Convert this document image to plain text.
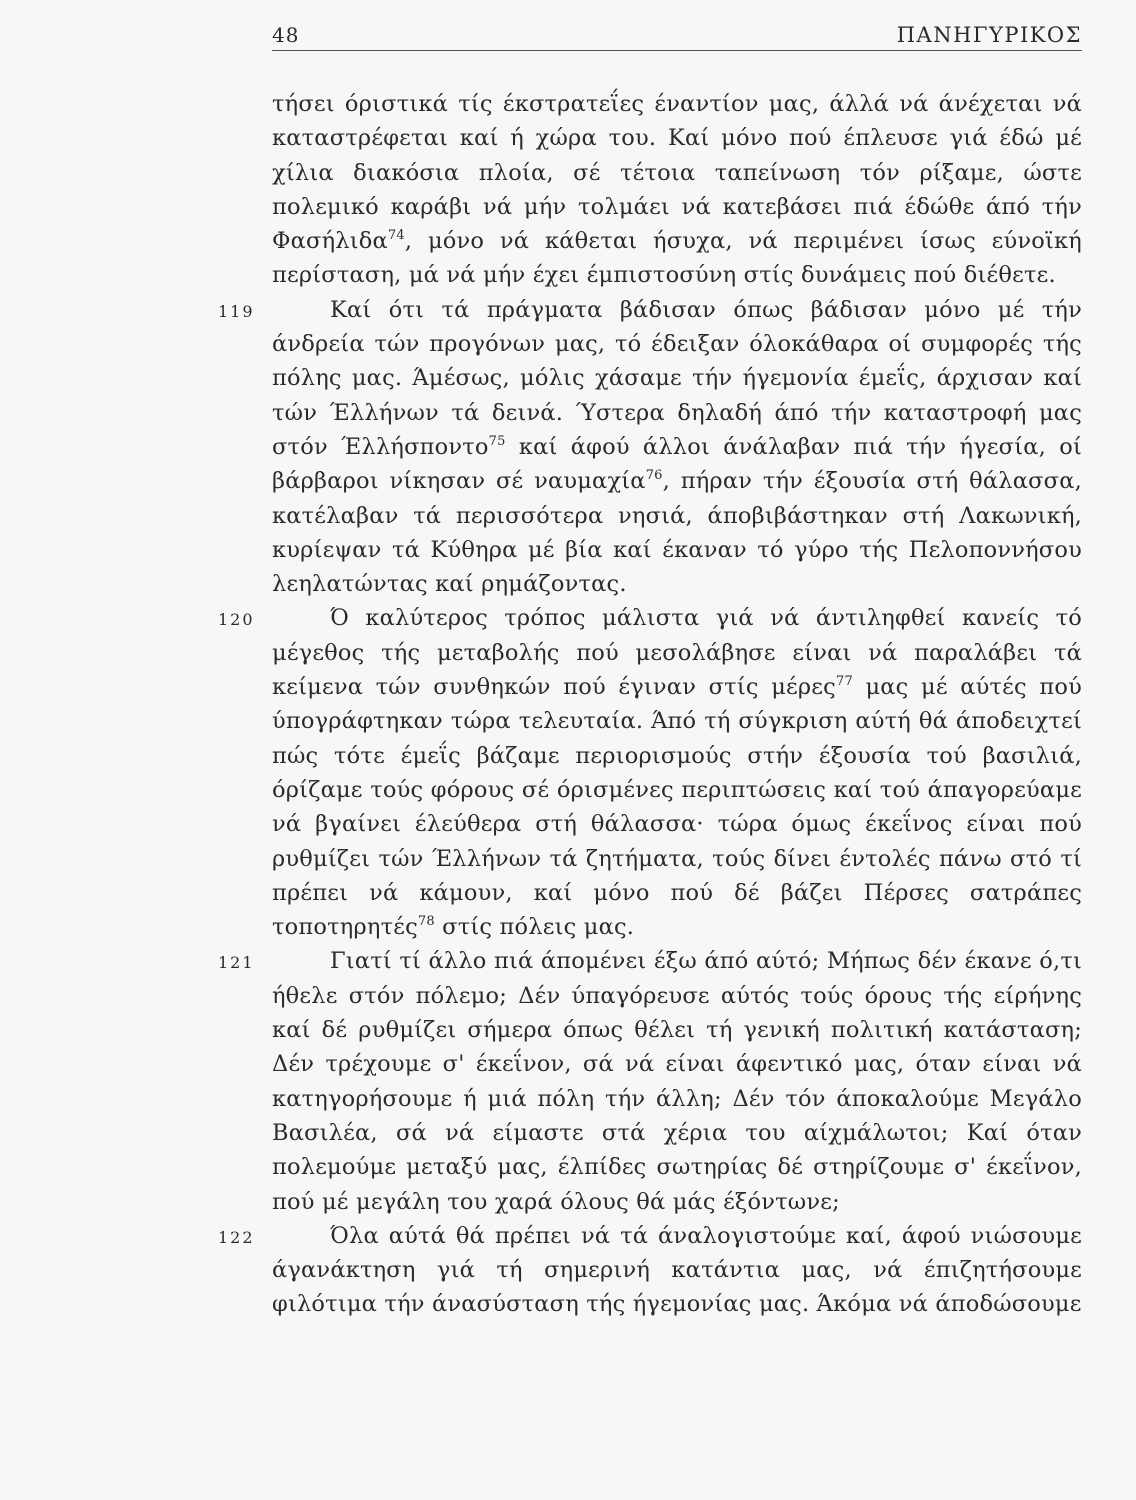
48	ΠΑΝΗΓΥΡΙΚΟΣ

τήσει όριστικά τίς έκστρατεΐες έναντίον μας, άλλά νά άνέχεται νά καταστρέφεται καί ή χώρα του. Καί μόνο πού έπλευσε γιά έδώ μέ χίλια διακόσια πλοία, σέ τέτοια ταπείνωση τόν ρίξαμε, ώστε πολεμικό καράβι νά μήν τολμάει νά κατεβάσει πιά έδώθε άπό τήν Φασήλιδα$^{74}$, μόνο νά κάθεται ήσυχα, νά περιμένει ίσως εύνοϊκή περίσταση, μά νά μήν έχει έμπιστοσύνη στίς δυνάμεις πού διέθετε.

119	Καί ότι τά πράγματα βάδισαν όπως βάδισαν μόνο μέ τήν άνδρεία τών προγόνων μας, τό έδειξαν όλοκάθαρα οί συμφορές τής πόλης μας. Άμέσως, μόλις χάσαμε τήν ήγεμονία έμεΐς, άρχισαν καί τών Έλλήνων τά δεινά. Ύστερα δηλαδή άπό τήν καταστροφή μας στόν Έλλήσποντο$^{75}$ καί άφού άλλοι άνάλαβαν πιά τήν ήγεσία, οί βάρβαροι νίκησαν σέ ναυμαχία$^{76}$, πήραν τήν έξουσία στή θάλασσα, κατέλαβαν τά περισσότερα νησιά, άποβιβάστηκαν στή Λακωνική, κυρίεψαν τά Κύθηρα μέ βία καί έκαναν τό γύρο τής Πελοποννήσου λεηλατώντας καί ρημάζοντας.

120	Ό καλύτερος τρόπος μάλιστα γιά νά άντιληφθεί κανείς τό μέγεθος τής μεταβολής πού μεσολάβησε είναι νά παραλάβει τά κείμενα τών συνθηκών πού έγιναν στίς μέρες$^{77}$ μας μέ αύτές πού ύπογράφτηκαν τώρα τελευταία. Άπό τή σύγκριση αύτή θά άποδειχτεί πώς τότε έμεΐς βάζαμε περιορισμούς στήν έξουσία τού βασιλιά, όρίζαμε τούς φόρους σέ όρισμένες περιπτώσεις καί τού άπαγορεύαμε νά βγαίνει έλεύθερα στή θάλασσα· τώρα όμως έκεΐνος είναι πού ρυθμίζει τών Έλλήνων τά ζητήματα, τούς δίνει έντολές πάνω στό τί πρέπει νά κάμουν, καί μόνο πού δέ βάζει Πέρσες σατράπες τοποτηρητές$^{78}$ στίς πόλεις μας.

121	Γιατί τί άλλο πιά άπομένει έξω άπό αύτό; Μήπως δέν έκανε ό,τι ήθελε στόν πόλεμο; Δέν ύπαγόρευσε αύτός τούς όρους τής είρήνης καί δέ ρυθμίζει σήμερα όπως θέλει τή γενική πολιτική κατάσταση; Δέν τρέχουμε σ' έκεΐνον, σά νά είναι άφεντικό μας, όταν είναι νά κατηγορήσουμε ή μιά πόλη τήν άλλη; Δέν τόν άποκαλούμε Μεγάλο Βασιλέα, σά νά είμαστε στά χέρια του αίχμάλωτοι; Καί όταν πολεμούμε μεταξύ μας, έλπίδες σωτηρίας δέ στηρίζουμε σ' έκεΐνον, πού μέ μεγάλη του χαρά όλους θά μάς έξόντωνε;

122	Όλα αύτά θά πρέπει νά τά άναλογιστούμε καί, άφού νιώσουμε άγανάκτηση γιά τή σημερινή κατάντια μας, νά έπιζητήσουμε φιλότιμα τήν άνασύσταση τής ήγεμονίας μας. Άκόμα νά άποδώσουμε
